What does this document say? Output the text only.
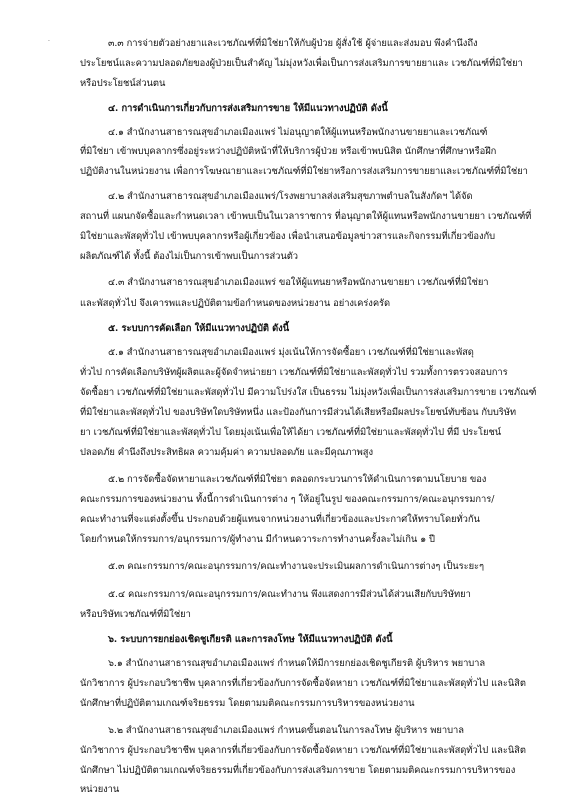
.	๓.๓ การจ่ายตัวอย่างยาและเวชภัณฑ์ที่มิใช่ยาให้กับผู้ป่วย ผู้สั่งใช้ ผู้จ่ายและส่งมอบ พึงคำนึงถึง
ประโยชน์และความปลอดภัยของผู้ป่วยเป็นสำคัญ ไม่มุ่งหวังเพื่อเป็นการส่งเสริมการขายยาและ เวชภัณฑ์ที่มิใช่ยา
หรือประโยชน์ส่วนตน
๔. การดำเนินการเกี่ยวกับการส่งเสริมการขาย ให้มีแนวทางปฏิบัติ ดังนี้
๔.๑ สำนักงานสาธารณสุขอำเภอเมืองแพร่ ไม่อนุญาตให้ผู้แทนหรือพนักงานขายยาและเวชภัณฑ์
ที่มิใช่ยา เข้าพบบุคลากรซึ่งอยู่ระหว่างปฏิบัติหน้าที่ให้บริการผู้ป่วย หรือเข้าพบนิสิต นักศึกษาที่ศึกษาหรือฝึก
ปฏิบัติงานในหน่วยงาน เพื่อการโฆษณายาและเวชภัณฑ์ที่มิใช่ยาหรือการส่งเสริมการขายยาและเวชภัณฑ์ที่มิใช่ยา
๔.๒ สำนักงานสาธารณสุขอำเภอเมืองแพร่/โรงพยาบาลส่งเสริมสุขภาพตำบลในสังกัดฯ ได้จัด
สถานที่ แผนกจัดซื้อและกำหนดเวลา เข้าพบเป็นในเวลาราชการ ที่อนุญาตให้ผู้แทนหรือพนักงานขายยา เวชภัณฑ์ที่
มิใช่ยาและพัสดุทั่วไป เข้าพบบุคลากรหรือผู้เกี่ยวข้อง เพื่อนำเสนอข้อมูลข่าวสารและกิจกรรมที่เกี่ยวข้องกับ
ผลิตภัณฑ์ได้ ทั้งนี้ ต้องไม่เป็นการเข้าพบเป็นการส่วนตัว
๔.๓ สำนักงานสาธารณสุขอำเภอเมืองแพร่ ขอให้ผู้แทนยาหรือพนักงานขายยา เวชภัณฑ์ที่มิใช่ยา
และพัสดุทั่วไป จึงเคารพและปฏิบัติตามข้อกำหนดของหน่วยงาน อย่างเคร่งครัด
๕. ระบบการคัดเลือก ให้มีแนวทางปฏิบัติ ดังนี้
๕.๑ สำนักงานสาธารณสุขอำเภอเมืองแพร่ มุ่งเน้นให้การจัดซื้อยา เวชภัณฑ์ที่มิใช่ยาและพัสดุ
ทั่วไป การคัดเลือกบริษัทผู้ผลิตและผู้จัดจำหน่ายยา เวชภัณฑ์ที่มิใช่ยาและพัสดุทั่วไป รวมทั้งการตรวจสอบการ
จัดซื้อยา เวชภัณฑ์ที่มิใช่ยาและพัสดุทั่วไป มีความโปร่งใส เป็นธรรม ไม่มุ่งหวังเพื่อเป็นการส่งเสริมการขาย เวชภัณฑ์
ที่มิใช่ยาและพัสดุทั่วไป ของบริษัทใดบริษัทหนึ่ง และป้องกันการมีส่วนได้เสียหรือมีผลประโยชน์ทับซ้อน กับบริษัท
ยา เวชภัณฑ์ที่มิใช่ยาและพัสดุทั่วไป โดยมุ่งเน้นเพื่อให้ได้ยา เวชภัณฑ์ที่มิใช่ยาและพัสดุทั่วไป ที่มี ประโยชน์
ปลอดภัย คำนึงถึงประสิทธิผล ความคุ้มค่า ความปลอดภัย และมีคุณภาพสูง
๕.๒ การจัดซื้อจัดหายาและเวชภัณฑ์ที่มิใช่ยา ตลอดกระบวนการให้ดำเนินการตามนโยบาย ของ
คณะกรรมการของหน่วยงาน ทั้งนี้การดำเนินการต่าง ๆ ให้อยู่ในรูป ของคณะกรรมการ/คณะอนุกรรมการ/
คณะทำงานที่จะแต่งตั้งขึ้น ประกอบด้วยผู้แทนจากหน่วยงานที่เกี่ยวข้องและประกาศให้ทราบโดยทั่วกัน
โดยกำหนดให้กรรมการ/อนุกรรมการ/ผู้ทำงาน มีกำหนดวาระการทำงานครั้งละไม่เกิน ๑ ปี
๕.๓ คณะกรรมการ/คณะอนุกรรมการ/คณะทำงานจะประเมินผลการดำเนินการต่างๆ เป็นระยะๆ
๕.๔ คณะกรรมการ/คณะอนุกรรมการ/คณะทำงาน พึงแสดงการมีส่วนได้ส่วนเสียกับบริษัทยา
หรือบริษัทเวชภัณฑ์ที่มิใช่ยา
๖. ระบบการยกย่องเชิดชูเกียรติ และการลงโทษ ให้มีแนวทางปฏิบัติ ดังนี้
๖.๑ สำนักงานสาธารณสุขอำเภอเมืองแพร่ กำหนดให้มีการยกย่องเชิดชูเกียรติ ผู้บริหาร พยาบาล
นักวิชาการ ผู้ประกอบวิชาชีพ บุคลากรที่เกี่ยวข้องกับการจัดซื้อจัดหายา เวชภัณฑ์ที่มิใช่ยาและพัสดุทั่วไป และนิสิต
นักศึกษาที่ปฏิบัติตามเกณฑ์จริยธรรม โดยตามมติคณะกรรมการบริหารของหน่วยงาน
๖.๒ สำนักงานสาธารณสุขอำเภอเมืองแพร่ กำหนดขั้นตอนในการลงโทษ ผู้บริหาร พยาบาล
นักวิชาการ ผู้ประกอบวิชาชีพ บุคลากรที่เกี่ยวข้องกับการจัดซื้อจัดหายา เวชภัณฑ์ที่มิใช่ยาและพัสดุทั่วไป และนิสิต
นักศึกษา ไม่ปฏิบัติตามเกณฑ์จริยธรรมที่เกี่ยวข้องกับการส่งเสริมการขาย โดยตามมติคณะกรรมการบริหารของ
หน่วยงาน
